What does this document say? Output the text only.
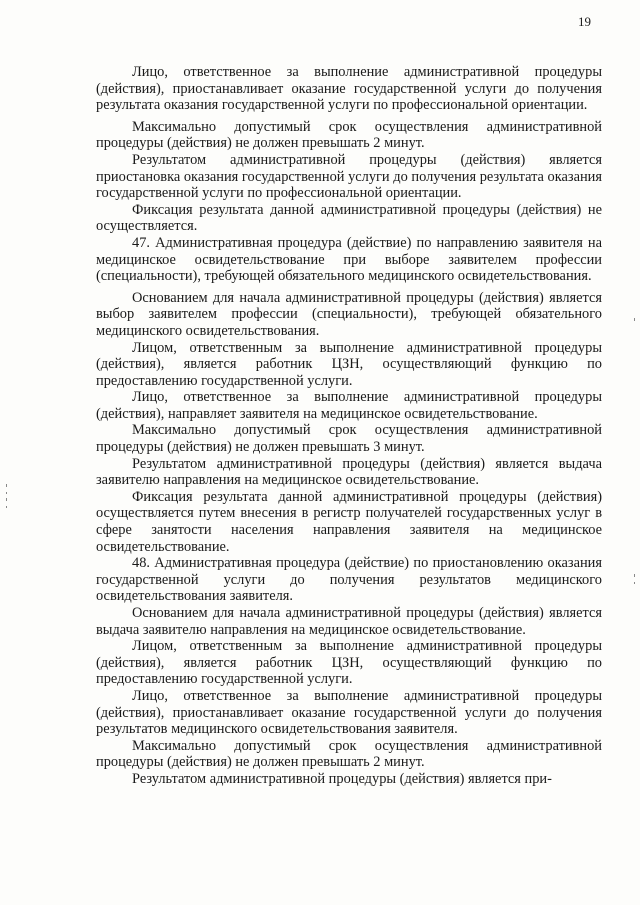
19

Лицо, ответственное за выполнение административной процедуры (действия), приостанавливает оказание государственной услуги до получения результата оказания государственной услуги по профессиональной ориентации.

Максимально допустимый срок осуществления административной процедуры (действия) не должен превышать 2 минут.

Результатом административной процедуры (действия) является приостановка оказания государственной услуги до получения результата оказания государственной услуги по профессиональной ориентации.

Фиксация результата данной административной процедуры (действия) не осуществляется.

47. Административная процедура (действие) по направлению заявителя на медицинское освидетельствование при выборе заявителем профессии (специальности), требующей обязательного медицинского освидетельствования.

Основанием для начала административной процедуры (действия) является выбор заявителем профессии (специальности), требующей обязательного медицинского освидетельствования.

Лицом, ответственным за выполнение административной процедуры (действия), является работник ЦЗН, осуществляющий функцию по предоставлению государственной услуги.

Лицо, ответственное за выполнение административной процедуры (действия), направляет заявителя на медицинское освидетельствование.

Максимально допустимый срок осуществления административной процедуры (действия) не должен превышать 3 минут.

Результатом административной процедуры (действия) является выдача заявителю направления на медицинское освидетельствование.

Фиксация результата данной административной процедуры (действия) осуществляется путем внесения в регистр получателей государственных услуг в сфере занятости населения направления заявителя на медицинское освидетельствование.

48. Административная процедура (действие) по приостановлению оказания государственной услуги до получения результатов медицинского освидетельствования заявителя.

Основанием для начала административной процедуры (действия) является выдача заявителю направления на медицинское освидетельствование.

Лицом, ответственным за выполнение административной процедуры (действия), является работник ЦЗН, осуществляющий функцию по предоставлению государственной услуги.

Лицо, ответственное за выполнение административной процедуры (действия), приостанавливает оказание государственной услуги до получения результатов медицинского освидетельствования заявителя.

Максимально допустимый срок осуществления административной процедуры (действия) не должен превышать 2 минут.

Результатом административной процедуры (действия) является при-
